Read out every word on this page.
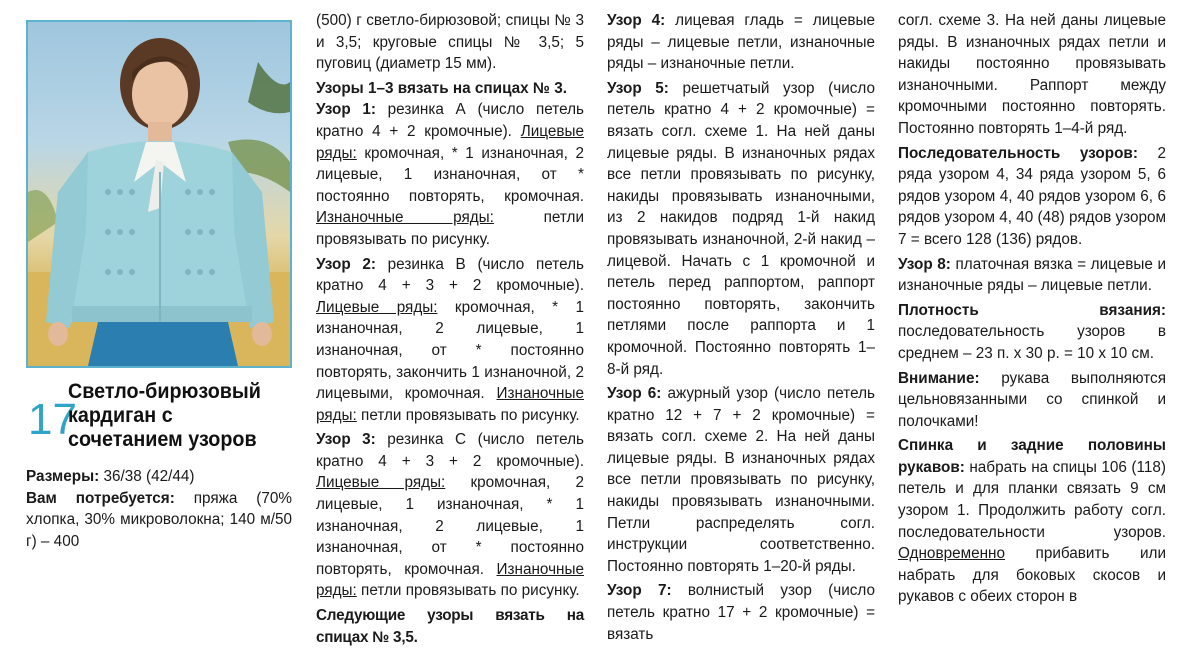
17
Светло-бирюзовый кардиган с сочетанием узоров

Размеры: 36/38 (42/44)
Вам потребуется: пряжа (70% хлопка, 30% микроволокна; 140 м/50 г) – 400

(500) г светло-бирюзовой; спицы № 3 и 3,5; круговые спицы № 3,5; 5 пуговиц (диаметр 15 мм).

Узоры 1–3 вязать на спицах № 3.
Узор 1: резинка А (число петель кратно 4 + 2 кромочные). Лицевые ряды: кромочная, * 1 изнаночная, 2 лицевые, 1 изнаночная, от * постоянно повторять, кромочная. Изнаночные ряды: петли провязывать по рисунку.

Узор 2: резинка В (число петель кратно 4 + 3 + 2 кромочные). Лицевые ряды: кромочная, * 1 изнаночная, 2 лицевые, 1 изнаночная, от * постоянно повторять, закончить 1 изнаночной, 2 лицевыми, кромочная. Изнаночные ряды: петли провязывать по рисунку.

Узор 3: резинка С (число петель кратно 4 + 3 + 2 кромочные). Лицевые ряды: кромочная, 2 лицевые, 1 изнаночная, * 1 изнаночная, 2 лицевые, 1 изнаночная, от * постоянно повторять, кромочная. Изнаночные ряды: петли провязывать по рисунку.

Следующие узоры вязать на спицах № 3,5.

Узор 4: лицевая гладь = лицевые ряды – лицевые петли, изнаночные ряды – изнаночные петли.

Узор 5: решетчатый узор (число петель кратно 4 + 2 кромочные) = вязать согл. схеме 1. На ней даны лицевые ряды. В изнаночных рядах все петли провязывать по рисунку, накиды провязывать изнаночными, из 2 накидов подряд 1-й накид провязывать изнаночной, 2-й накид – лицевой. Начать с 1 кромочной и петель перед раппортом, раппорт постоянно повторять, закончить петлями после раппорта и 1 кромочной. Постоянно повторять 1–8-й ряд.

Узор 6: ажурный узор (число петель кратно 12 + 7 + 2 кромочные) = вязать согл. схеме 2. На ней даны лицевые ряды. В изнаночных рядах все петли провязывать по рисунку, накиды провязывать изнаночными. Петли распределять согл. инструкции соответственно. Постоянно повторять 1–20-й ряды.

Узор 7: волнистый узор (число петель кратно 17 + 2 кромочные) = вязать

согл. схеме 3. На ней даны лицевые ряды. В изнаночных рядах петли и накиды постоянно провязывать изнаночными. Раппорт между кромочными постоянно повторять. Постоянно повторять 1–4-й ряд.

Последовательность узоров: 2 ряда узором 4, 34 ряда узором 5, 6 рядов узором 4, 40 рядов узором 6, 6 рядов узором 4, 40 (48) рядов узором 7 = всего 128 (136) рядов.

Узор 8: платочная вязка = лицевые и изнаночные ряды – лицевые петли.

Плотность вязания: последовательность узоров в среднем – 23 п. х 30 р. = 10 х 10 см.

Внимание: рукава выполняются цельновязанными со спинкой и полочками!

Спинка и задние половины рукавов: набрать на спицы 106 (118) петель и для планки связать 9 см узором 1. Продолжить работу согл. последовательности узоров. Одновременно прибавить или набрать для боковых скосов и рукавов с обеих сторон в
